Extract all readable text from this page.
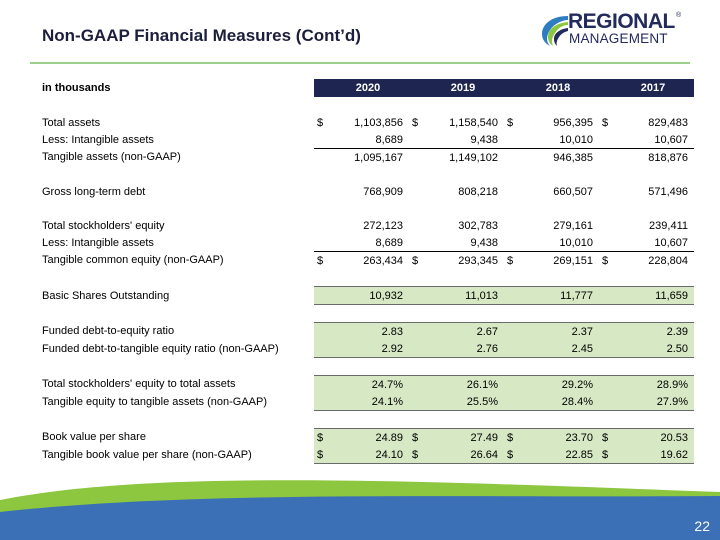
Non-GAAP Financial Measures (Cont’d)
REGIONAL
MANAGEMENT
®
in thousands		2020		2019		2018		2017

Total assets	$	1,103,856	$	1,158,540	$	956,395	$	829,483
Less: Intangible assets		8,689		9,438		10,010		10,607
Tangible assets (non-GAAP)		1,095,167		1,149,102		946,385		818,876

Gross long-term debt		768,909		808,218		660,507		571,496

Total stockholders' equity		272,123		302,783		279,161		239,411
Less: Intangible assets		8,689		9,438		10,010		10,607
Tangible common equity (non-GAAP)	$	263,434	$	293,345	$	269,151	$	228,804

Basic Shares Outstanding		10,932		11,013		11,777		11,659

Funded debt-to-equity ratio		2.83		2.67		2.37		2.39
Funded debt-to-tangible equity ratio (non-GAAP)		2.92		2.76		2.45		2.50

Total stockholders' equity to total assets		24.7%		26.1%		29.2%		28.9%
Tangible equity to tangible assets (non-GAAP)		24.1%		25.5%		28.4%		27.9%

Book value per share	$	24.89	$	27.49	$	23.70	$	20.53
Tangible book value per share (non-GAAP)	$	24.10	$	26.64	$	22.85	$	19.62
22
